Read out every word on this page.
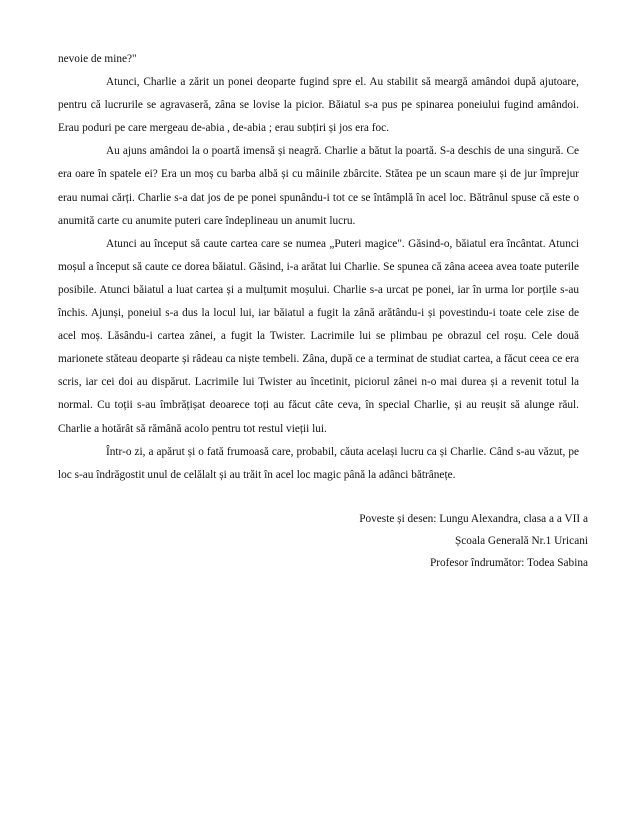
nevoie de mine?"

Atunci, Charlie a zărit un ponei deoparte fugind spre el. Au stabilit să meargă amândoi după ajutoare, pentru că lucrurile se agravaseră, zâna se lovise la picior. Băiatul s-a pus pe spinarea poneiului fugind amândoi. Erau poduri pe care mergeau de-abia , de-abia ; erau subțiri și jos era foc.

Au ajuns amândoi la o poartă imensă și neagră. Charlie a bătut la poartă. S-a deschis de una singură. Ce era oare în spatele ei? Era un moș cu barba albă și cu mâinile zbârcite. Stătea pe un scaun mare și de jur împrejur erau numai cărți. Charlie s-a dat jos de pe ponei spunându-i tot ce se întâmplă în acel loc. Bătrânul spuse că este o anumită carte cu anumite puteri care îndeplineau un anumit lucru.

Atunci au început să caute cartea care se numea „Puteri magice". Găsind-o, băiatul era încântat. Atunci moșul a început să caute ce dorea băiatul. Găsind, i-a arătat lui Charlie. Se spunea că zâna aceea avea toate puterile posibile. Atunci băiatul a luat cartea și a mulțumit moșului. Charlie s-a urcat pe ponei, iar în urma lor porțile s-au închis. Ajunși, poneiul s-a dus la locul lui, iar băiatul a fugit la zână arătându-i și povestindu-i toate cele zise de acel moș. Lăsându-i cartea zânei, a fugit la Twister. Lacrimile lui se plimbau pe obrazul cel roșu. Cele două marionete stăteau deoparte și râdeau ca niște tembeli. Zâna, după ce a terminat de studiat cartea, a făcut ceea ce era scris, iar cei doi au dispărut. Lacrimile lui Twister au încetinit, piciorul zânei n-o mai durea și a revenit totul la normal. Cu toții s-au îmbrățișat deoarece toți au făcut câte ceva, în special Charlie, și au reușit să alunge răul. Charlie a hotărât să rămână acolo pentru tot restul vieții lui.

Într-o zi, a apărut și o fată frumoasă care, probabil, căuta același lucru ca și Charlie. Când s-au văzut, pe loc s-au îndrăgostit unul de celălalt și au trăit în acel loc magic până la adânci bătrânețe.

Poveste și desen: Lungu Alexandra, clasa a a VII a
Școala Generală Nr.1 Uricani
Profesor îndrumător: Todea Sabina
